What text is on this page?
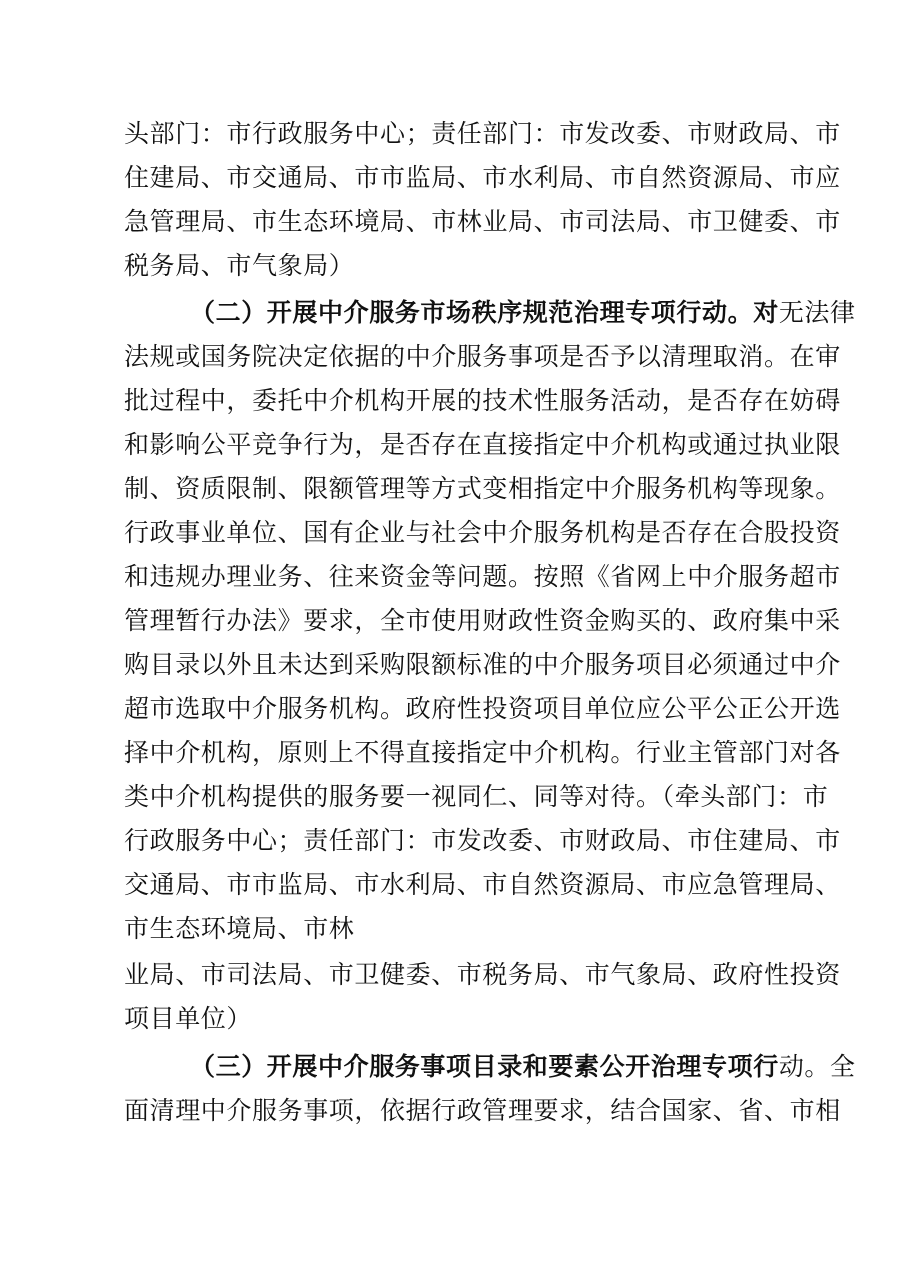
头部门：市行政服务中心；责任部门：市发改委、市财政局、市
住建局、市交通局、市市监局、市水利局、市自然资源局、市应
急管理局、市生态环境局、市林业局、市司法局、市卫健委、市
税务局、市气象局）
（二）开展中介服务市场秩序规范治理专项行动。对无法律
法规或国务院决定依据的中介服务事项是否予以清理取消。在审
批过程中，委托中介机构开展的技术性服务活动，是否存在妨碍
和影响公平竞争行为，是否存在直接指定中介机构或通过执业限
制、资质限制、限额管理等方式变相指定中介服务机构等现象。
行政事业单位、国有企业与社会中介服务机构是否存在合股投资
和违规办理业务、往来资金等问题。按照《省网上中介服务超市
管理暂行办法》要求，全市使用财政性资金购买的、政府集中采
购目录以外且未达到采购限额标准的中介服务项目必须通过中介
超市选取中介服务机构。政府性投资项目单位应公平公正公开选
择中介机构，原则上不得直接指定中介机构。行业主管部门对各
类中介机构提供的服务要一视同仁、同等对待。（牵头部门：市
行政服务中心；责任部门：市发改委、市财政局、市住建局、市
交通局、市市监局、市水利局、市自然资源局、市应急管理局、
市生态环境局、市林
业局、市司法局、市卫健委、市税务局、市气象局、政府性投资
项目单位）
（三）开展中介服务事项目录和要素公开治理专项行动。全
面清理中介服务事项，依据行政管理要求，结合国家、省、市相
